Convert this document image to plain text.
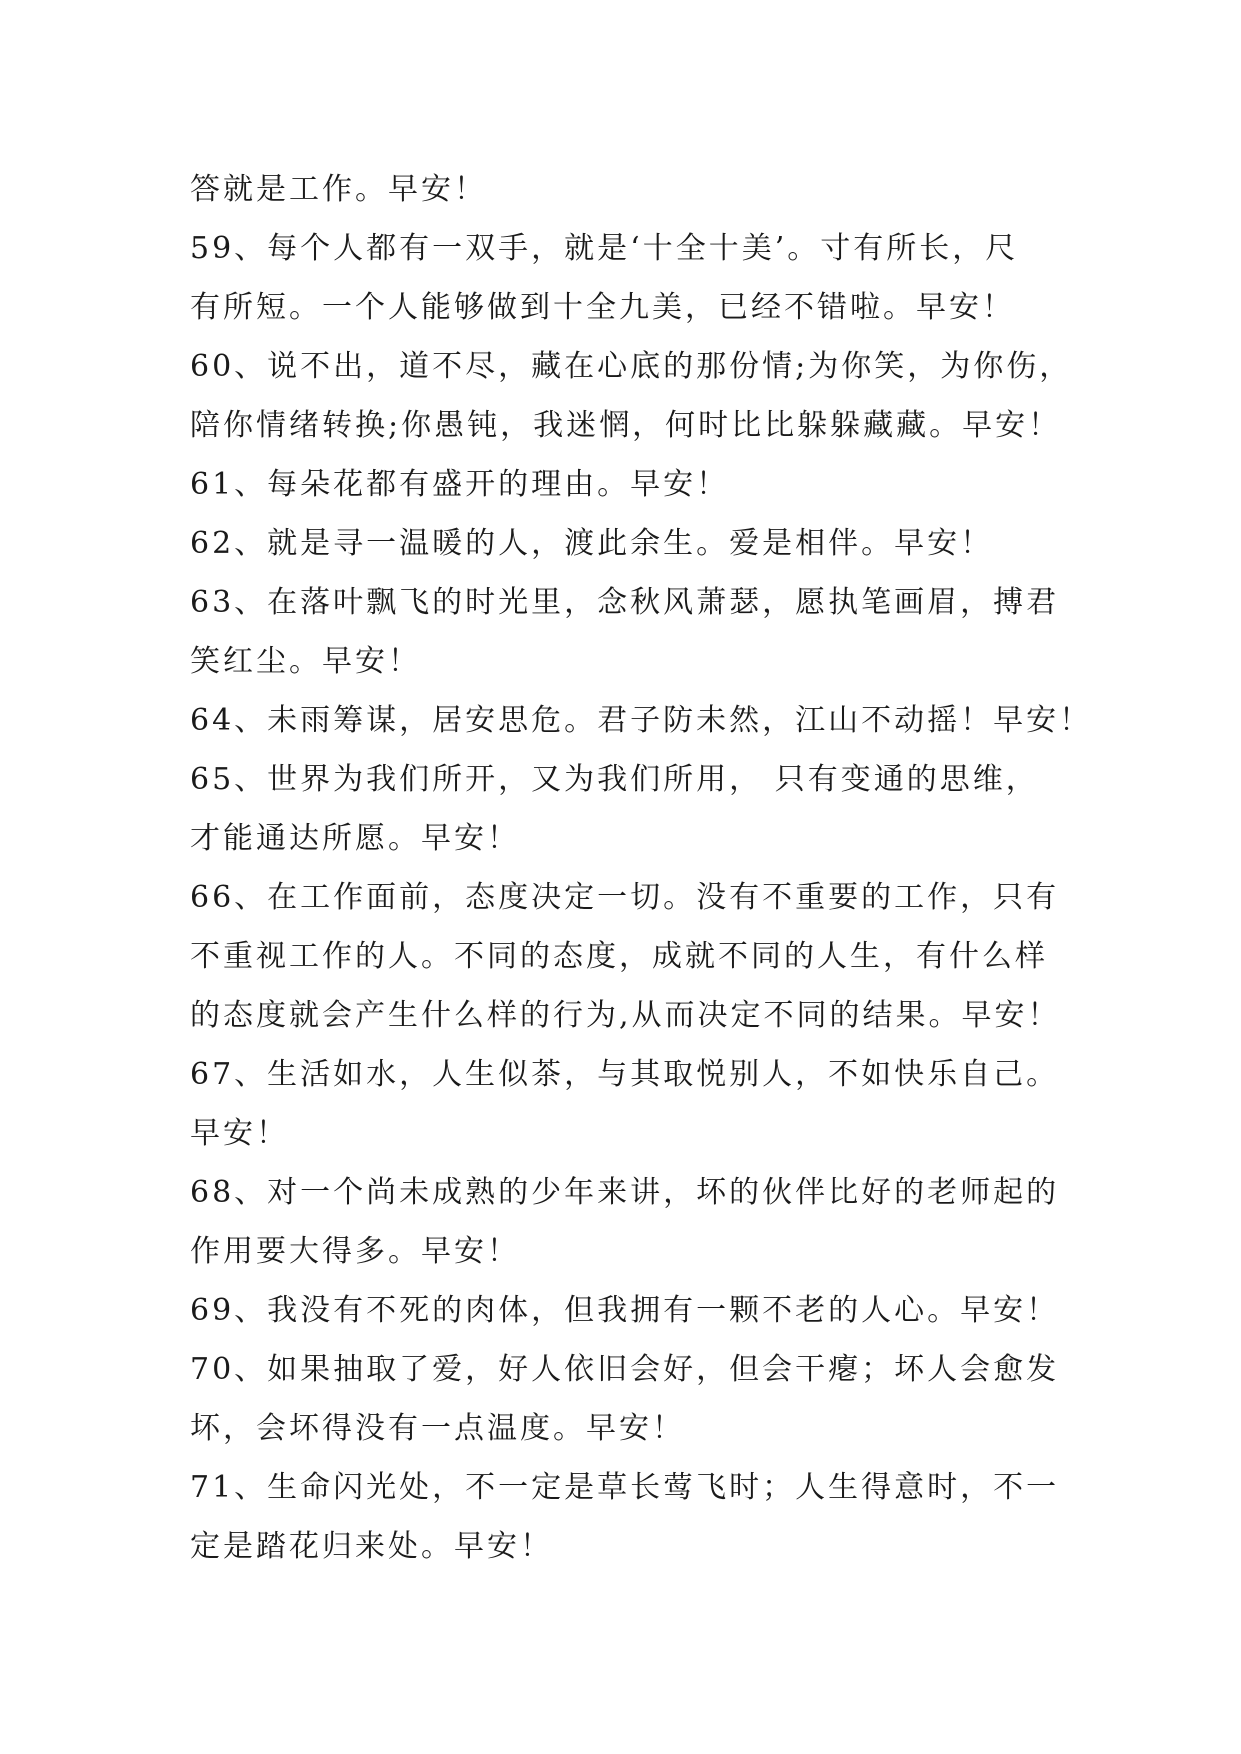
答就是工作。早安！
59、每个人都有一双手，就是‘十全十美’。寸有所长，尺
有所短。一个人能够做到十全九美，已经不错啦。早安！
60、说不出，道不尽，藏在心底的那份情;为你笑，为你伤，
陪你情绪转换;你愚钝，我迷惘，何时比比躲躲藏藏。早安！
61、每朵花都有盛开的理由。早安！
62、就是寻一温暖的人，渡此余生。爱是相伴。早安！
63、在落叶飘飞的时光里，念秋风萧瑟，愿执笔画眉，搏君
笑红尘。早安！
64、未雨筹谋，居安思危。君子防未然，江山不动摇！早安！
65、世界为我们所开，又为我们所用， 只有变通的思维，
才能通达所愿。早安！
66、在工作面前，态度决定一切。没有不重要的工作，只有
不重视工作的人。不同的态度，成就不同的人生，有什么样
的态度就会产生什么样的行为,从而决定不同的结果。早安！
67、生活如水，人生似茶，与其取悦别人，不如快乐自己。
早安！
68、对一个尚未成熟的少年来讲，坏的伙伴比好的老师起的
作用要大得多。早安！
69、我没有不死的肉体，但我拥有一颗不老的人心。早安！
70、如果抽取了爱，好人依旧会好，但会干瘪；坏人会愈发
坏，会坏得没有一点温度。早安！
71、生命闪光处，不一定是草长莺飞时；人生得意时，不一
定是踏花归来处。早安！
